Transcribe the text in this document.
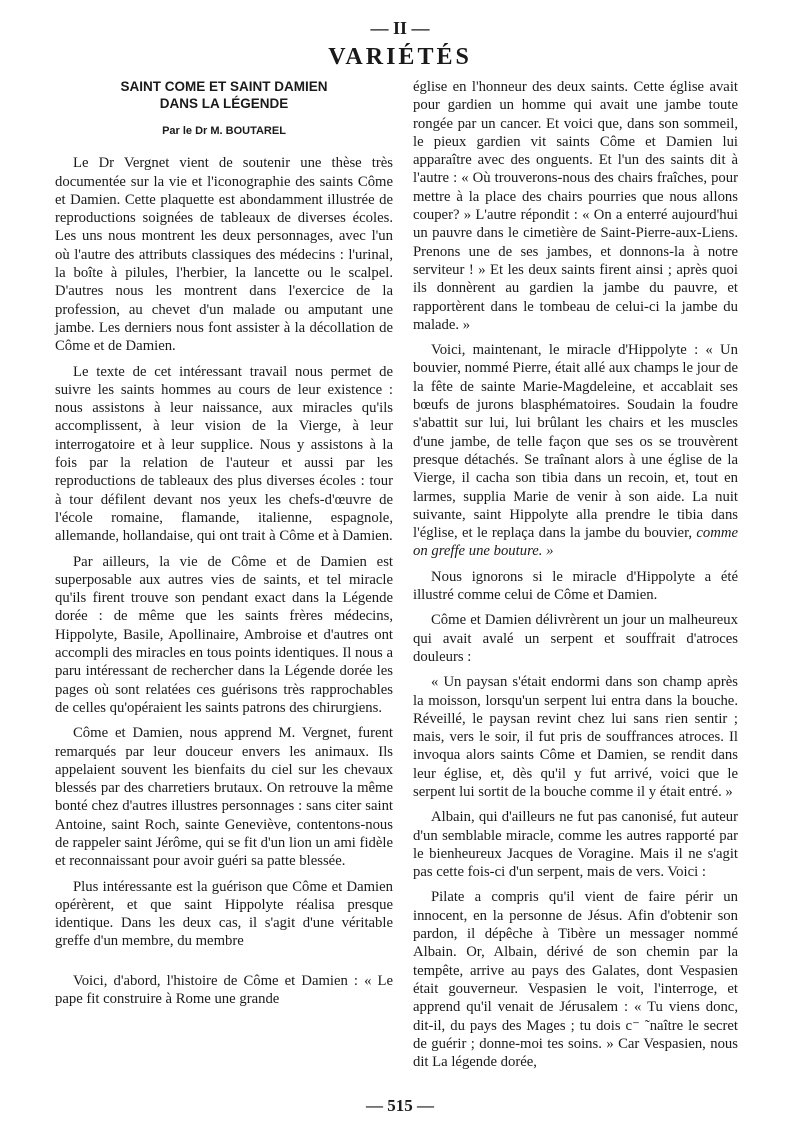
— II —
VARIÉTÉS
SAINT COME ET SAINT DAMIEN
DANS LA LÉGENDE
Par le Dr M. BOUTAREL

Le Dr Vergnet vient de soutenir une thèse très documentée sur la vie et l'iconographie des saints Côme et Damien. Cette plaquette est abondamment illustrée de reproductions soignées de tableaux de diverses écoles. Les uns nous montrent les deux personnages, avec l'un où l'autre des attributs classiques des médecins : l'urinal, la boîte à pilules, l'herbier, la lancette ou le scalpel. D'autres nous les montrent dans l'exercice de la profession, au chevet d'un malade ou amputant une jambe. Les derniers nous font assister à la décollation de Côme et de Damien.

Le texte de cet intéressant travail nous permet de suivre les saints hommes au cours de leur existence : nous assistons à leur naissance, aux miracles qu'ils accomplissent, à leur vision de la Vierge, à leur interrogatoire et à leur supplice. Nous y assistons à la fois par la relation de l'auteur et aussi par les reproductions de tableaux des plus diverses écoles : tour à tour défilent devant nos yeux les chefs-d'œuvre de l'école romaine, flamande, italienne, espagnole, allemande, hollandaise, qui ont trait à Côme et à Damien.

Par ailleurs, la vie de Côme et de Damien est superposable aux autres vies de saints, et tel miracle qu'ils firent trouve son pendant exact dans la Légende dorée : de même que les saints frères médecins, Hippolyte, Basile, Apollinaire, Ambroise et d'autres ont accompli des miracles en tous points identiques. Il nous a paru intéressant de rechercher dans la Légende dorée les pages où sont relatées ces guérisons très rapprochables de celles qu'opéraient les saints patrons des chirurgiens.

Côme et Damien, nous apprend M. Vergnet, furent remarqués par leur douceur envers les animaux. Ils appelaient souvent les bienfaits du ciel sur les chevaux blessés par des charretiers brutaux. On retrouve la même bonté chez d'autres illustres personnages : sans citer saint Antoine, saint Roch, sainte Geneviève, contentons-nous de rappeler saint Jérôme, qui se fit d'un lion un ami fidèle et reconnaissant pour avoir guéri sa patte blessée.

Plus intéressante est la guérison que Côme et Damien opérèrent, et que saint Hippolyte réalisa presque identique. Dans les deux cas, il s'agit d'une véritable greffe d'un membre, du membre

Voici, d'abord, l'histoire de Côme et Damien : « Le pape fit construire à Rome une grande

église en l'honneur des deux saints. Cette église avait pour gardien un homme qui avait une jambe toute rongée par un cancer. Et voici que, dans son sommeil, le pieux gardien vit saints Côme et Damien lui apparaître avec des onguents. Et l'un des saints dit à l'autre : « Où trouverons-nous des chairs fraîches, pour mettre à la place des chairs pourries que nous allons couper? » L'autre répondit : « On a enterré aujourd'hui un pauvre dans le cimetière de Saint-Pierre-aux-Liens. Prenons une de ses jambes, et donnons-la à notre serviteur ! » Et les deux saints firent ainsi ; après quoi ils donnèrent au gardien la jambe du pauvre, et rapportèrent dans le tombeau de celui-ci la jambe du malade. »

Voici, maintenant, le miracle d'Hippolyte : « Un bouvier, nommé Pierre, était allé aux champs le jour de la fête de sainte Marie-Magdeleine, et accablait ses bœufs de jurons blasphématoires. Soudain la foudre s'abattit sur lui, lui brûlant les chairs et les muscles d'une jambe, de telle façon que ses os se trouvèrent presque détachés. Se traînant alors à une église de la Vierge, il cacha son tibia dans un recoin, et, tout en larmes, supplia Marie de venir à son aide. La nuit suivante, saint Hippolyte alla prendre le tibia dans l'église, et le replaça dans la jambe du bouvier, comme on greffe une bouture. »

Nous ignorons si le miracle d'Hippolyte a été illustré comme celui de Côme et Damien.

Côme et Damien délivrèrent un jour un malheureux qui avait avalé un serpent et souffrait d'atroces douleurs :

« Un paysan s'était endormi dans son champ après la moisson, lorsqu'un serpent lui entra dans la bouche. Réveillé, le paysan revint chez lui sans rien sentir ; mais, vers le soir, il fut pris de souffrances atroces. Il invoqua alors saints Côme et Damien, se rendit dans leur église, et, dès qu'il y fut arrivé, voici que le serpent lui sortit de la bouche comme il y était entré. »

Albain, qui d'ailleurs ne fut pas canonisé, fut auteur d'un semblable miracle, comme les autres rapporté par le bienheureux Jacques de Voragine. Mais il ne s'agit pas cette fois-ci d'un serpent, mais de vers. Voici :

Pilate a compris qu'il vient de faire périr un innocent, en la personne de Jésus. Afin d'obtenir son pardon, il dépêche à Tibère un messager nommé Albain. Or, Albain, dérivé de son chemin par la tempête, arrive au pays des Galates, dont Vespasien était gouverneur. Vespasien le voit, l'interroge, et apprend qu'il venait de Jérusalem : « Tu viens donc, dit-il, du pays des Mages ; tu dois c⁻ ˜naître le secret de guérir ; donne-moi tes soins. » Car Vespasien, nous dit La légende dorée,

— 515 —
